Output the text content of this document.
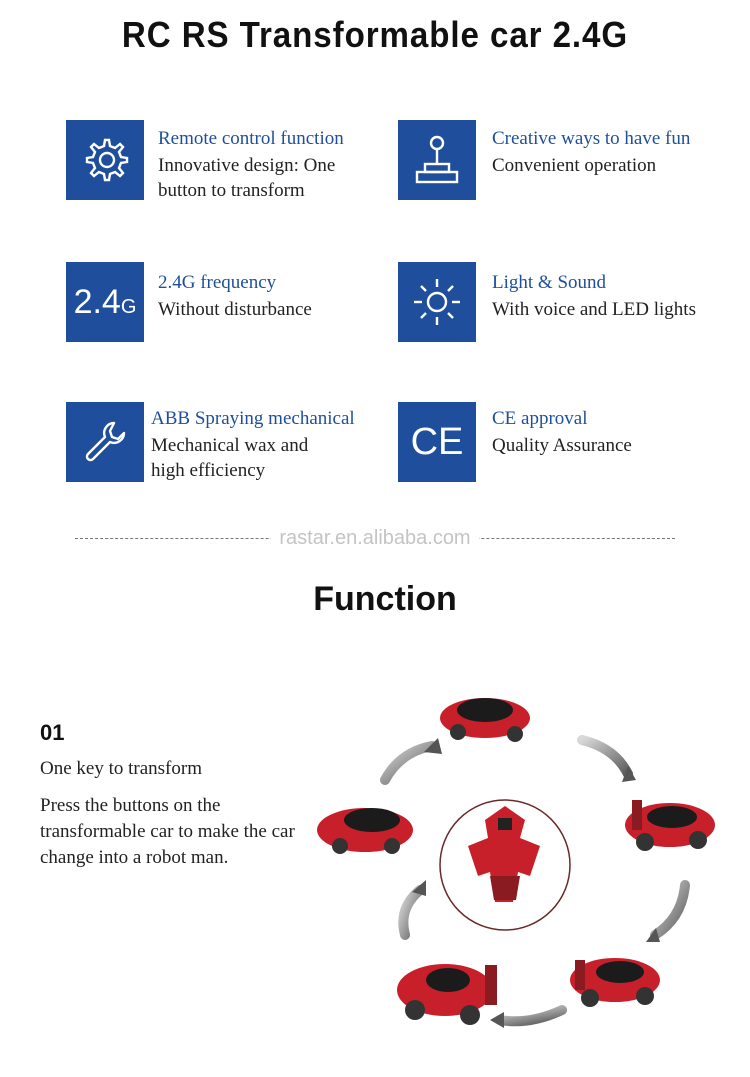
RC RS Transformable car 2.4G
Remote control function
Innovative design: One
button to transform
Creative ways to have fun
Convenient operation
2.4 G
2.4G frequency
Without disturbance
Light & Sound
With voice and LED lights
ABB Spraying mechanical
Mechanical wax and
high efficiency
CE
CE approval
Quality Assurance
rastar.en.alibaba.com
Function
01
One key to transform
Press the buttons on the transformable car to make the car change into a robot man.
